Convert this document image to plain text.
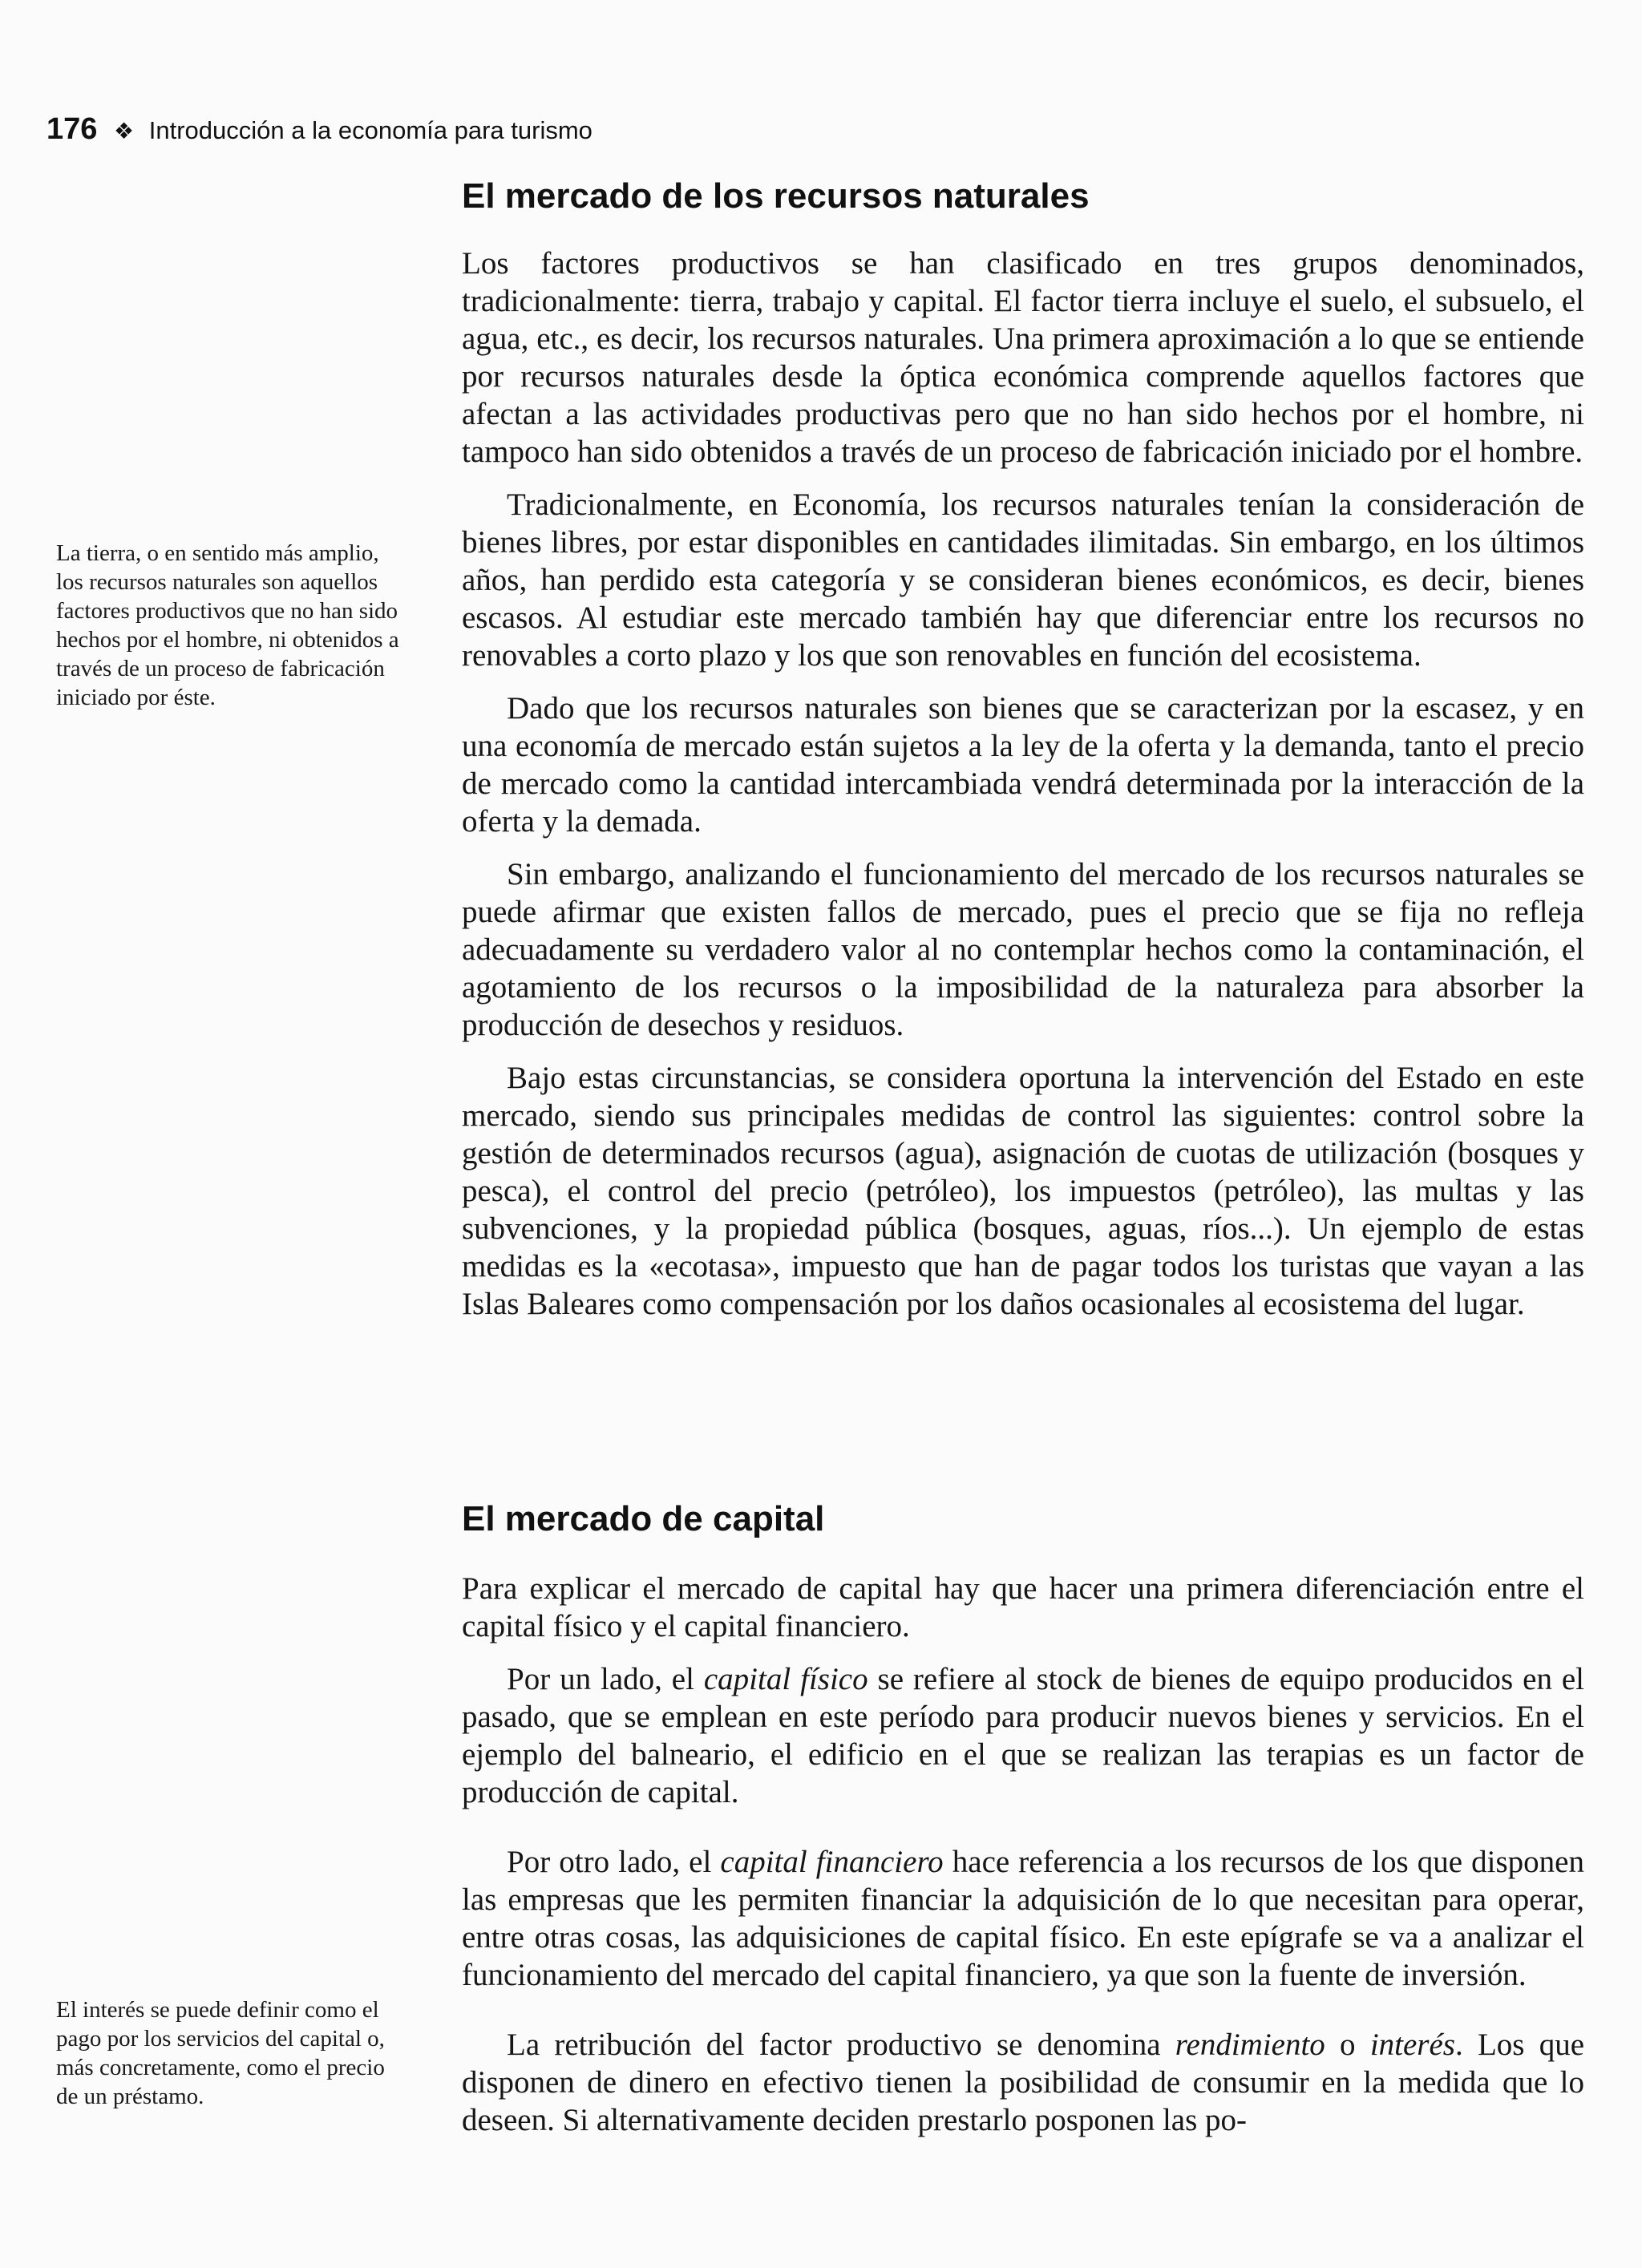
176 ❖ Introducción a la economía para turismo
El mercado de los recursos naturales

Los factores productivos se han clasificado en tres grupos denominados, tradicionalmente: tierra, trabajo y capital. El factor tierra incluye el suelo, el subsuelo, el agua, etc., es decir, los recursos naturales. Una primera aproximación a lo que se entiende por recursos naturales desde la óptica económica comprende aquellos factores que afectan a las actividades productivas pero que no han sido hechos por el hombre, ni tampoco han sido obtenidos a través de un proceso de fabricación iniciado por el hombre.

Tradicionalmente, en Economía, los recursos naturales tenían la consideración de bienes libres, por estar disponibles en cantidades ilimitadas. Sin embargo, en los últimos años, han perdido esta categoría y se consideran bienes económicos, es decir, bienes escasos. Al estudiar este mercado también hay que diferenciar entre los recursos no renovables a corto plazo y los que son renovables en función del ecosistema.

Dado que los recursos naturales son bienes que se caracterizan por la escasez, y en una economía de mercado están sujetos a la ley de la oferta y la demanda, tanto el precio de mercado como la cantidad intercambiada vendrá determinada por la interacción de la oferta y la demada.

Sin embargo, analizando el funcionamiento del mercado de los recursos naturales se puede afirmar que existen fallos de mercado, pues el precio que se fija no refleja adecuadamente su verdadero valor al no contemplar hechos como la contaminación, el agotamiento de los recursos o la imposibilidad de la naturaleza para absorber la producción de desechos y residuos.

Bajo estas circunstancias, se considera oportuna la intervención del Estado en este mercado, siendo sus principales medidas de control las siguientes: control sobre la gestión de determinados recursos (agua), asignación de cuotas de utilización (bosques y pesca), el control del precio (petróleo), los impuestos (petróleo), las multas y las subvenciones, y la propiedad pública (bosques, aguas, ríos...). Un ejemplo de estas medidas es la «ecotasa», impuesto que han de pagar todos los turistas que vayan a las Islas Baleares como compensación por los daños ocasionales al ecosistema del lugar.

El mercado de capital

Para explicar el mercado de capital hay que hacer una primera diferenciación entre el capital físico y el capital financiero.

Por un lado, el capital físico se refiere al stock de bienes de equipo producidos en el pasado, que se emplean en este período para producir nuevos bienes y servicios. En el ejemplo del balneario, el edificio en el que se realizan las terapias es un factor de producción de capital.

Por otro lado, el capital financiero hace referencia a los recursos de los que disponen las empresas que les permiten financiar la adquisición de lo que necesitan para operar, entre otras cosas, las adquisiciones de capital físico. En este epígrafe se va a analizar el funcionamiento del mercado del capital financiero, ya que son la fuente de inversión.

La retribución del factor productivo se denomina rendimiento o interés. Los que disponen de dinero en efectivo tienen la posibilidad de consumir en la medida que lo deseen. Si alternativamente deciden prestarlo posponen las po-

La tierra, o en sentido más amplio, los recursos naturales son aquellos factores productivos que no han sido hechos por el hombre, ni obtenidos a través de un proceso de fabricación iniciado por éste.
El interés se puede definir como el pago por los servicios del capital o, más concretamente, como el precio de un préstamo.
